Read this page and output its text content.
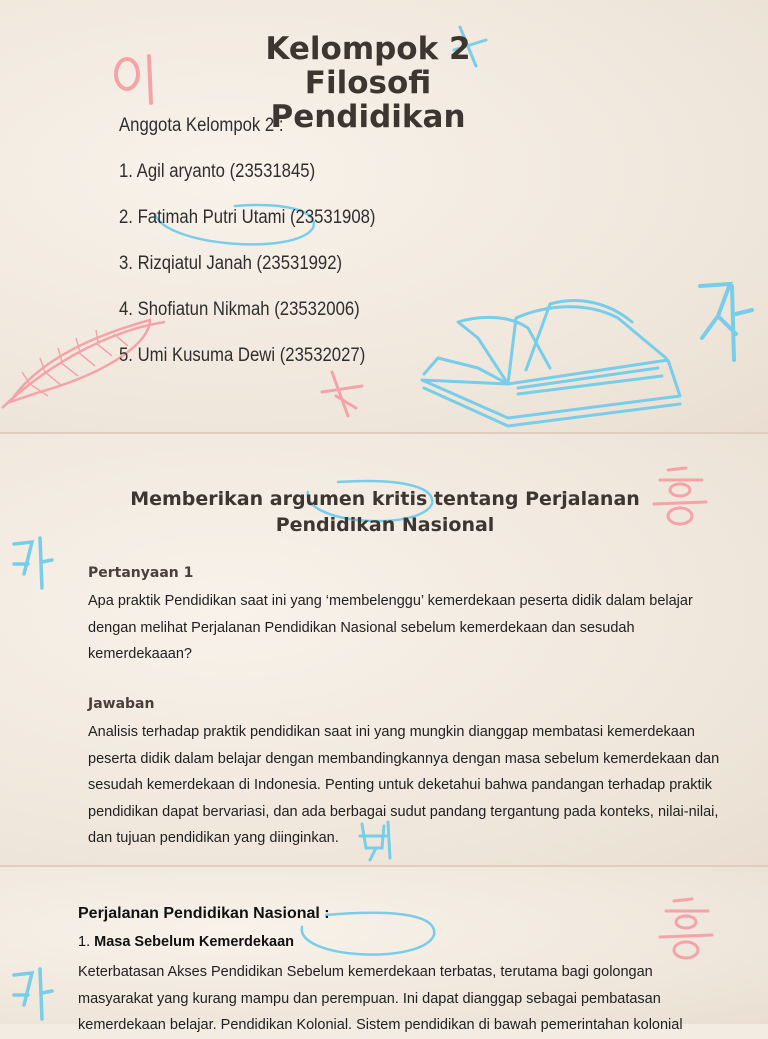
Kelompok 2
Filosofi
Pendidikan
Anggota Kelompok 2 :
1. Agil aryanto (23531845)
2. Fatimah Putri Utami (23531908)
3. Rizqiatul Janah (23531992)
4. Shofiatun Nikmah (23532006)
5. Umi Kusuma Dewi (23532027)
Memberikan argumen kritis tentang Perjalanan Pendidikan Nasional
Pertanyaan 1
Apa praktik Pendidikan saat ini yang ‘membelenggu’ kemerdekaan peserta didik dalam belajar dengan melihat Perjalanan Pendidikan Nasional sebelum kemerdekaan dan sesudah kemerdekaaan?
Jawaban
Analisis terhadap praktik pendidikan saat ini yang mungkin dianggap membatasi kemerdekaan peserta didik dalam belajar dengan membandingkannya dengan masa sebelum kemerdekaan dan sesudah kemerdekaan di Indonesia. Penting untuk deketahui bahwa pandangan terhadap praktik pendidikan dapat bervariasi, dan ada berbagai sudut pandang tergantung pada konteks, nilai-nilai, dan tujuan pendidikan yang diinginkan.
Perjalanan Pendidikan Nasional :
1. Masa Sebelum Kemerdekaan
Keterbatasan Akses Pendidikan Sebelum kemerdekaan terbatas, terutama bagi golongan masyarakat yang kurang mampu dan perempuan. Ini dapat dianggap sebagai pembatasan kemerdekaan belajar. Pendidikan Kolonial. Sistem pendidikan di bawah pemerintahan kolonial
